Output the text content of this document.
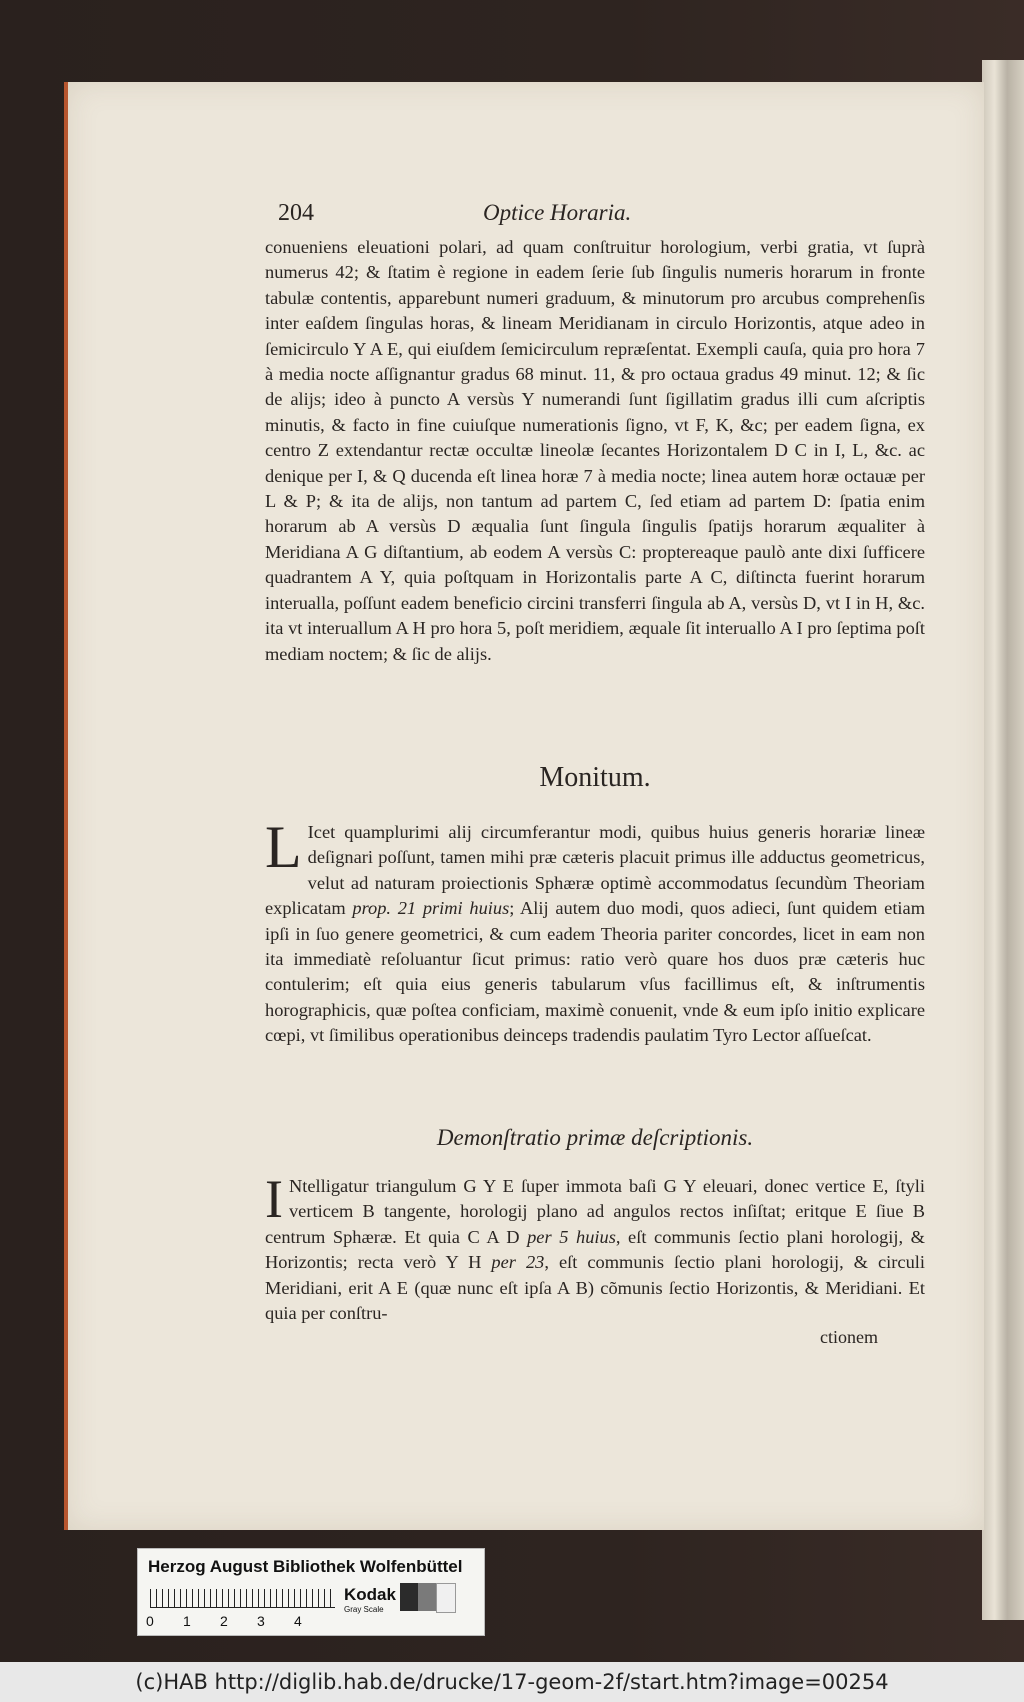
204	Optice Horaria.

conueniens eleuationi polari, ad quam conſtruitur horologium, verbi gratia, vt ſuprà numerus 42; & ſtatim è regione in eadem ſerie ſub ſingulis numeris horarum in fronte tabulæ contentis, apparebunt numeri graduum, & minutorum pro arcubus comprehenſis inter eaſdem ſingulas horas, & lineam Meridianam in circulo Horizontis, atque adeo in ſemicirculo Y A E, qui eiuſdem ſemicirculum repræſentat. Exempli cauſa, quia pro hora 7 à media nocte aſſignantur gradus 68 minut. 11, & pro octaua gradus 49 minut. 12; & ſic de alijs; ideo à puncto A versùs Y numerandi ſunt ſigillatim gradus illi cum aſcriptis minutis, & facto in fine cuiuſque numerationis ſigno, vt F, K, &c; per eadem ſigna, ex centro Z extendantur rectæ occultæ lineolæ ſecantes Horizontalem D C in I, L, &c. ac denique per I, & Q ducenda eſt linea horæ 7 à media nocte; linea autem horæ octauæ per L & P; & ita de alijs, non tantum ad partem C, ſed etiam ad partem D: ſpatia enim horarum ab A versùs D æqualia ſunt ſingula ſingulis ſpatijs horarum æqualiter à Meridiana A G diſtantium, ab eodem A versùs C: proptereaque paulò ante dixi ſufficere quadrantem A Y, quia poſtquam in Horizontalis parte A C, diſtincta fuerint horarum interualla, poſſunt eadem beneficio circini transferri ſingula ab A, versùs D, vt I in H, &c. ita vt interuallum A H pro hora 5, poſt meridiem, æquale ſit interuallo A I pro ſeptima poſt mediam noctem; & ſic de alijs.

Monitum.

L Icet quamplurimi alij circumferantur modi, quibus huius generis horariæ lineæ deſignari poſſunt, tamen mihi præ cæteris placuit primus ille adductus geometricus, velut ad naturam proiectionis Sphæræ optimè accommodatus ſecundùm Theoriam explicatam prop. 21 primi huius; Alij autem duo modi, quos adieci, ſunt quidem etiam ipſi in ſuo genere geometrici, & cum eadem Theoria pariter concordes, licet in eam non ita immediatè reſoluantur ſicut primus: ratio verò quare hos duos præ cæteris huc contulerim; eſt quia eius generis tabularum vſus facillimus eſt, & inſtrumentis horographicis, quæ poſtea conficiam, maximè conuenit, vnde & eum ipſo initio explicare cœpi, vt ſimilibus operationibus deinceps tradendis paulatim Tyro Lector aſſueſcat.

Demonſtratio primæ deſcriptionis.

I Ntelligatur triangulum G Y E ſuper immota baſi G Y eleuari, donec vertice E, ſtyli verticem B tangente, horologij plano ad angulos rectos inſiſtat; eritque E ſiue B centrum Sphæræ. Et quia C A D per 5 huius, eſt communis ſectio plani horologij, & Horizontis; recta verò Y H per 23, eſt communis ſectio plani horologij, & circuli Meridiani, erit A E (quæ nunc eſt ipſa A B) cõmunis ſectio Horizontis, & Meridiani. Et quia per conſtru-

ctionem
Herzog August Bibliothek Wolfenbüttel
0 1 2 3 4
Kodak
Gray Scale
(c)HAB http://diglib.hab.de/drucke/17-geom-2f/start.htm?image=00254
